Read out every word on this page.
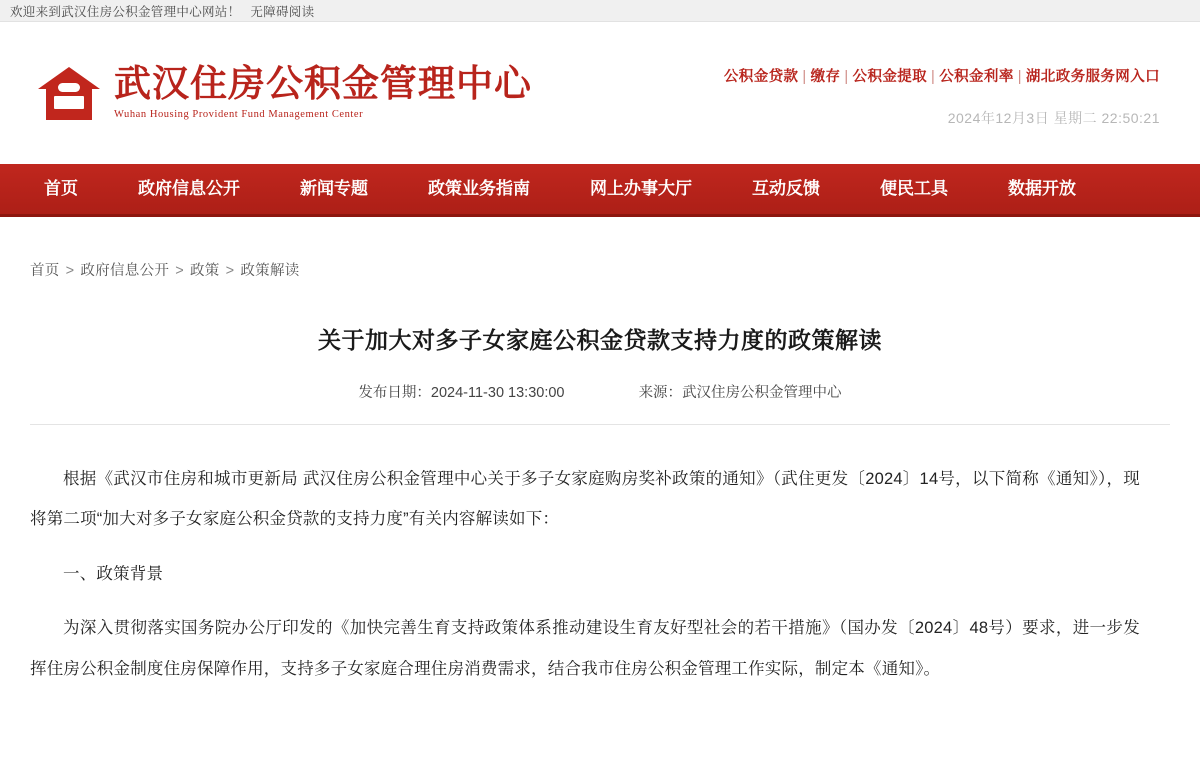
欢迎来到武汉住房公积金管理中心网站！ 无障碍阅读
武汉住房公积金管理中心
Wuhan Housing Provident Fund Management Center
公积金贷款 | 缴存 | 公积金提取 | 公积金利率 | 湖北政务服务网入口
2024年12月3日 星期二 22:50:21
首页	政府信息公开	新闻专题	政策业务指南	网上办事大厅	互动反馈	便民工具	数据开放
首页 > 政府信息公开 > 政策 > 政策解读
关于加大对多子女家庭公积金贷款支持力度的政策解读
发布日期：2024-11-30 13:30:00	来源：武汉住房公积金管理中心

根据《武汉市住房和城市更新局 武汉住房公积金管理中心关于多子女家庭购房奖补政策的通知》（武住更发〔2024〕14号，以下简称《通知》），现将第二项“加大对多子女家庭公积金贷款的支持力度”有关内容解读如下：

一、政策背景

为深入贯彻落实国务院办公厅印发的《加快完善生育支持政策体系推动建设生育友好型社会的若干措施》（国办发〔2024〕48号）要求，进一步发挥住房公积金制度住房保障作用，支持多子女家庭合理住房消费需求，结合我市住房公积金管理工作实际，制定本《通知》。
